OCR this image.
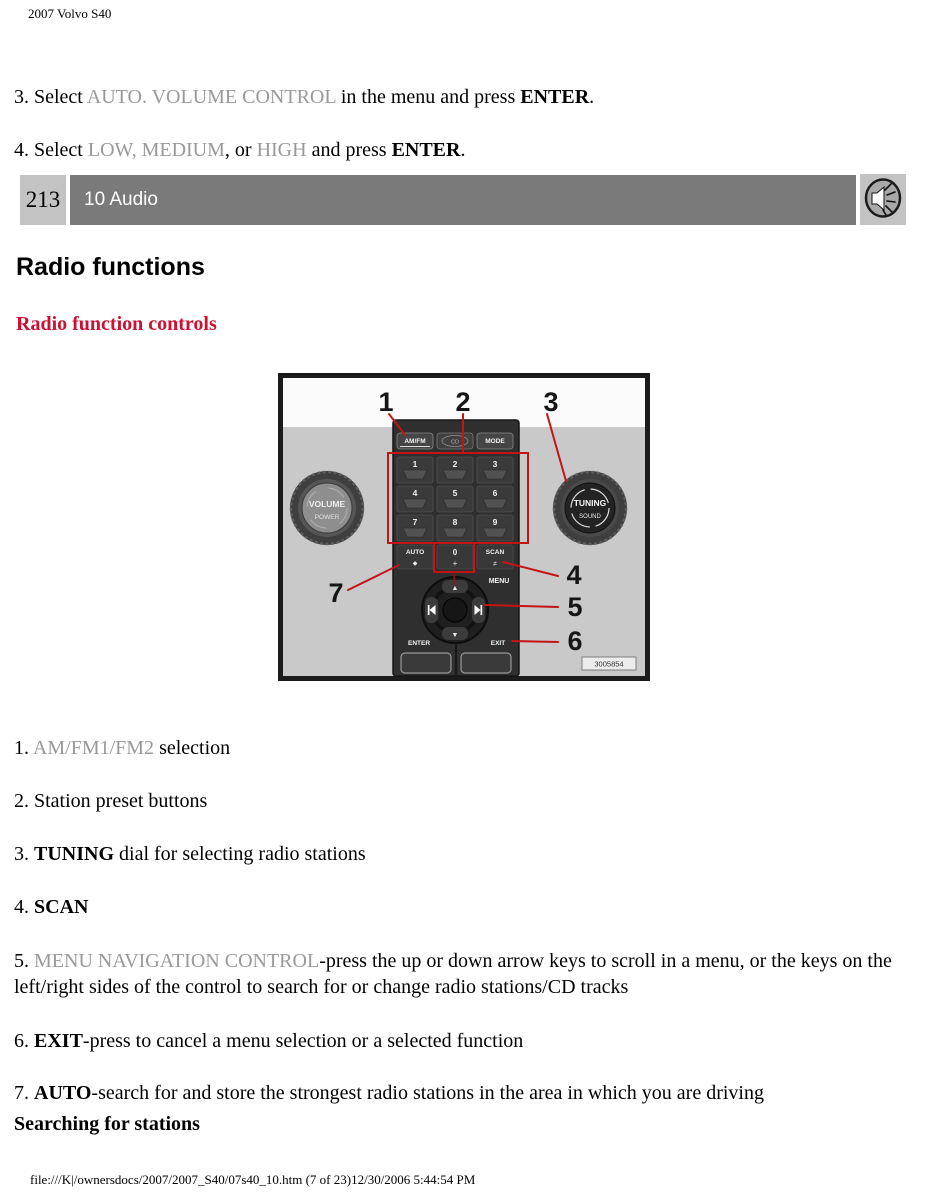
2007 Volvo S40

3. Select AUTO. VOLUME CONTROL in the menu and press ENTER.

4. Select LOW, MEDIUM, or HIGH and press ENTER.

213	10 Audio
Radio functions
Radio function controls
VOLUME
POWER
TUNING
SOUND
AM/FM	CD	MODE
1	2	3
4	5	6
7	8	9
AUTO
◆
0
+
SCAN
≠
MENU
▲
▼
ENTER	EXIT
1 2	3
4
5
6
7
3005854

1. AM/FM1/FM2 selection

2. Station preset buttons

3. TUNING dial for selecting radio stations

4. SCAN

5. MENU NAVIGATION CONTROL-press the up or down arrow keys to scroll in a menu, or the keys on the left/right sides of the control to search for or change radio stations/CD tracks

6. EXIT-press to cancel a menu selection or a selected function

7. AUTO-search for and store the strongest radio stations in the area in which you are driving

Searching for stations
file:///K|/ownersdocs/2007/2007_S40/07s40_10.htm (7 of 23)12/30/2006 5:44:54 PM
